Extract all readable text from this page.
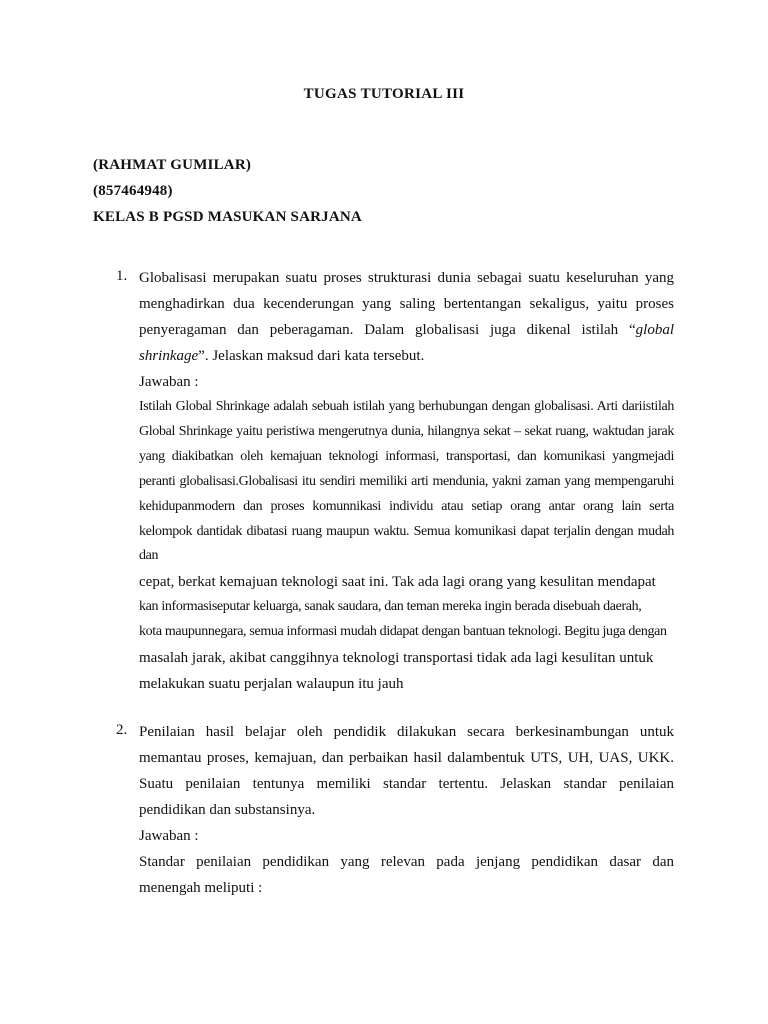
TUGAS TUTORIAL III
(RAHMAT GUMILAR)
(857464948)
KELAS B PGSD MASUKAN SARJANA
1. Globalisasi merupakan suatu proses strukturasi dunia sebagai suatu keseluruhan yang
menghadirkan dua kecenderungan yang saling bertentangan sekaligus, yaitu proses
penyeragaman dan peberagaman. Dalam globalisasi juga dikenal istilah “global
shrinkage”. Jelaskan maksud dari kata tersebut.
Jawaban :
Istilah Global Shrinkage adalah sebuah istilah yang berhubungan dengan globalisasi. Arti dariistilah
Global Shrinkage yaitu peristiwa mengerutnya dunia, hilangnya sekat – sekat ruang, waktudan jarak
yang diakibatkan oleh kemajuan teknologi informasi, transportasi, dan komunikasi yangmejadi
peranti globalisasi.Globalisasi itu sendiri memiliki arti mendunia, yakni zaman yang mempengaruhi
kehidupanmodern dan proses komunnikasi individu atau setiap orang antar orang lain serta
kelompok dantidak dibatasi ruang maupun waktu. Semua komunikasi dapat terjalin dengan mudah
dan
cepat, berkat kemajuan teknologi saat ini. Tak ada lagi orang yang kesulitan mendapat
kan informasiseputar keluarga, sanak saudara, dan teman mereka ingin berada disebuah daerah,
kota maupunnegara, semua informasi mudah didapat dengan bantuan teknologi. Begitu juga dengan
masalah jarak, akibat canggihnya teknologi transportasi tidak ada lagi kesulitan untuk
melakukan suatu perjalan walaupun itu jauh
2. Penilaian hasil belajar oleh pendidik dilakukan secara berkesinambungan untuk
memantau proses, kemajuan, dan perbaikan hasil dalambentuk UTS, UH, UAS, UKK.
Suatu penilaian tentunya memiliki standar tertentu. Jelaskan standar penilaian
pendidikan dan substansinya.
Jawaban :
Standar penilaian pendidikan yang relevan pada jenjang pendidikan dasar dan
menengah meliputi :
